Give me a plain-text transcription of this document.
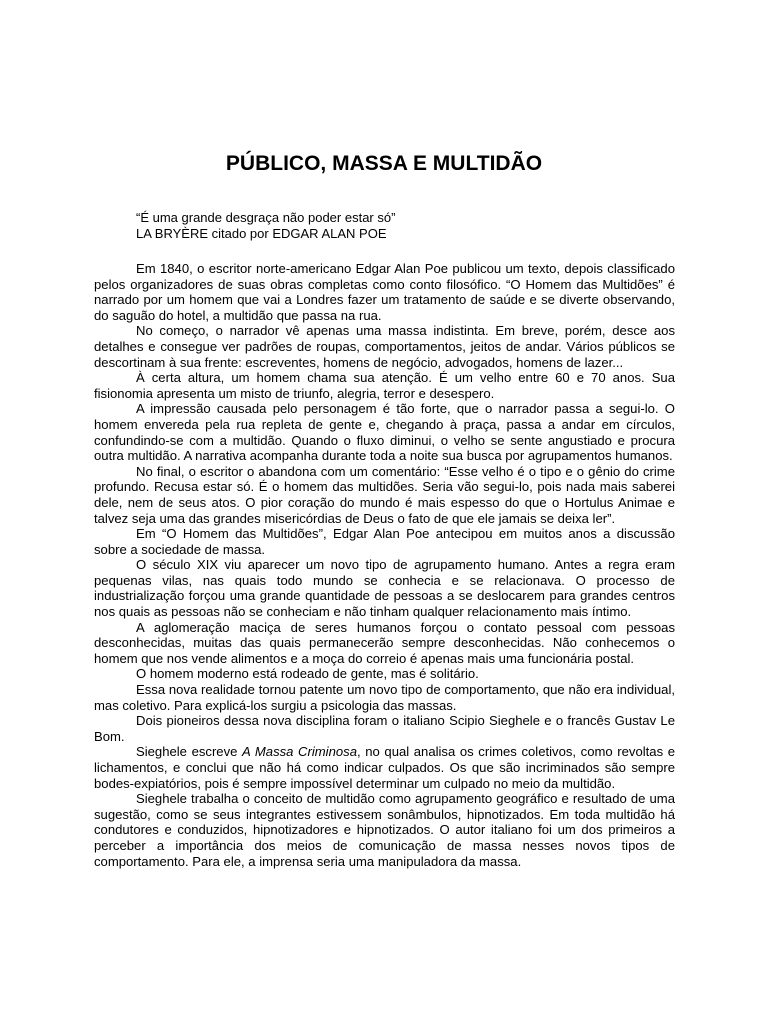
PÚBLICO, MASSA E MULTIDÃO
“É uma grande desgraça não poder estar só”
LA BRYÈRE citado por EDGAR ALAN POE

Em 1840, o escritor norte-americano Edgar Alan Poe publicou um texto, depois classificado pelos organizadores de suas obras completas como conto filosófico. “O Homem das Multidões” é narrado por um homem que vai a Londres fazer um tratamento de saúde e se diverte observando, do saguão do hotel, a multidão que passa na rua.

No começo, o narrador vê apenas uma massa indistinta. Em breve, porém, desce aos detalhes e consegue ver padrões de roupas, comportamentos, jeitos de andar. Vários públicos se descortinam à sua frente: escreventes, homens de negócio, advogados, homens de lazer...

À certa altura, um homem chama sua atenção. É um velho entre 60 e 70 anos. Sua fisionomia apresenta um misto de triunfo, alegria, terror e desespero.

A impressão causada pelo personagem é tão forte, que o narrador passa a segui-lo. O homem envereda pela rua repleta de gente e, chegando à praça, passa a andar em círculos, confundindo-se com a multidão. Quando o fluxo diminui, o velho se sente angustiado e procura outra multidão. A narrativa acompanha durante toda a noite sua busca por agrupamentos humanos.

No final, o escritor o abandona com um comentário: “Esse velho é o tipo e o gênio do crime profundo. Recusa estar só. É o homem das multidões. Seria vão segui-lo, pois nada mais saberei dele, nem de seus atos. O pior coração do mundo é mais espesso do que o Hortulus Animae e talvez seja uma das grandes misericórdias de Deus o fato de que ele jamais se deixa ler”.

Em “O Homem das Multidões”, Edgar Alan Poe antecipou em muitos anos a discussão sobre a sociedade de massa.

O século XIX viu aparecer um novo tipo de agrupamento humano. Antes a regra eram pequenas vilas, nas quais todo mundo se conhecia e se relacionava. O processo de industrialização forçou uma grande quantidade de pessoas a se deslocarem para grandes centros nos quais as pessoas não se conheciam e não tinham qualquer relacionamento mais íntimo.

A aglomeração maciça de seres humanos forçou o contato pessoal com pessoas desconhecidas, muitas das quais permanecerão sempre desconhecidas. Não conhecemos o homem que nos vende alimentos e a moça do correio é apenas mais uma funcionária postal.

O homem moderno está rodeado de gente, mas é solitário.

Essa nova realidade tornou patente um novo tipo de comportamento, que não era individual, mas coletivo. Para explicá-los surgiu a psicologia das massas.

Dois pioneiros dessa nova disciplina foram o italiano Scipio Sieghele e o francês Gustav Le Bom.

Sieghele escreve A Massa Criminosa, no qual analisa os crimes coletivos, como revoltas e lichamentos, e conclui que não há como indicar culpados. Os que são incriminados são sempre bodes-expiatórios, pois é sempre impossível determinar um culpado no meio da multidão.

Sieghele trabalha o conceito de multidão como agrupamento geográfico e resultado de uma sugestão, como se seus integrantes estivessem sonâmbulos, hipnotizados. Em toda multidão há condutores e conduzidos, hipnotizadores e hipnotizados. O autor italiano foi um dos primeiros a perceber a importância dos meios de comunicação de massa nesses novos tipos de comportamento. Para ele, a imprensa seria uma manipuladora da massa.
